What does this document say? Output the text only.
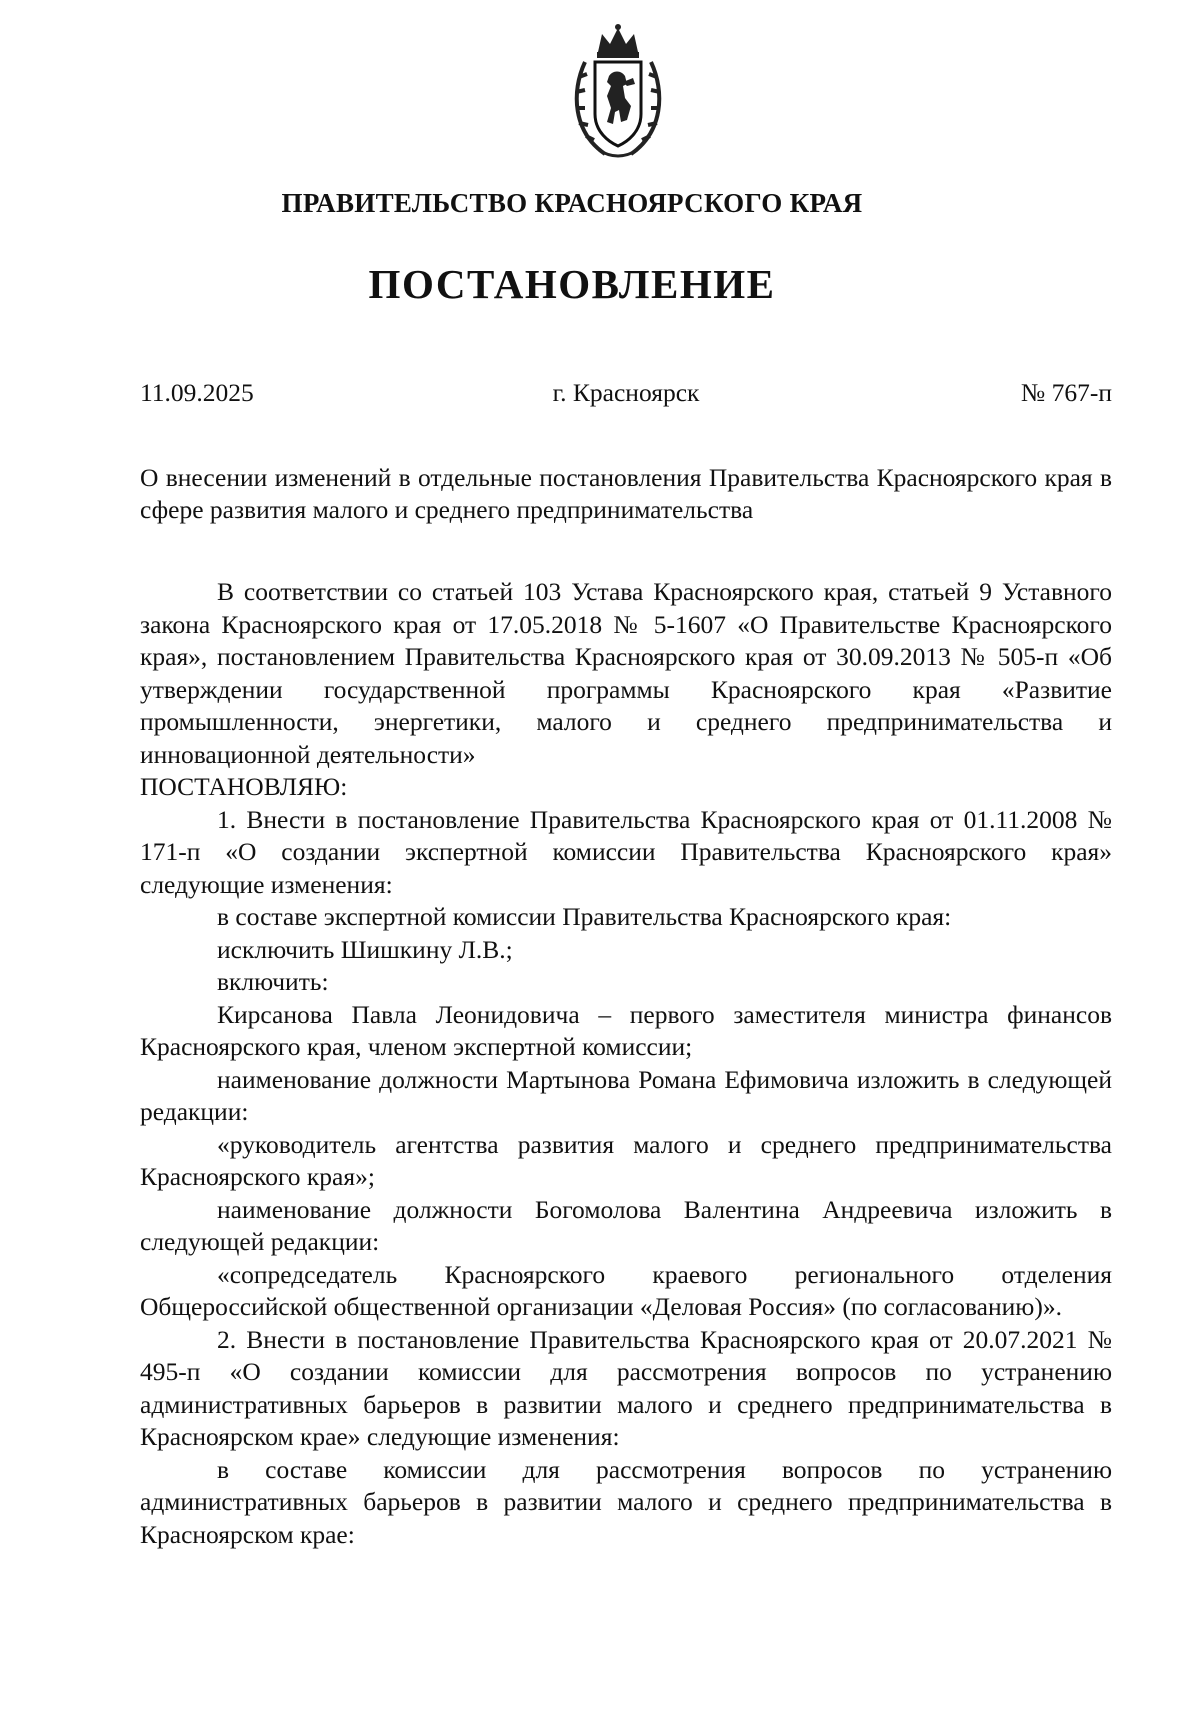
ПРАВИТЕЛЬСТВО КРАСНОЯРСКОГО КРАЯ
ПОСТАНОВЛЕНИЕ
11.09.2025	г. Красноярск	№ 767-п

О внесении изменений в отдельные постановления Правительства Красноярского края в сфере развития малого и среднего предпринимательства

В соответствии со статьей 103 Устава Красноярского края, статьей 9 Уставного закона Красноярского края от 17.05.2018 № 5-1607 «О Правительстве Красноярского края», постановлением Правительства Красноярского края от 30.09.2013 № 505-п «Об утверждении государственной программы Красноярского края «Развитие промышленности, энергетики, малого и среднего предпринимательства и инновационной деятельности»

ПОСТАНОВЛЯЮ:

1. Внести в постановление Правительства Красноярского края от 01.11.2008 № 171-п «О создании экспертной комиссии Правительства Красноярского края» следующие изменения:

в составе экспертной комиссии Правительства Красноярского края:

исключить Шишкину Л.В.;

включить:

Кирсанова Павла Леонидовича – первого заместителя министра финансов Красноярского края, членом экспертной комиссии;

наименование должности Мартынова Романа Ефимовича изложить в следующей редакции:

«руководитель агентства развития малого и среднего предпринимательства Красноярского края»;

наименование должности Богомолова Валентина Андреевича изложить в следующей редакции:

«сопредседатель Красноярского краевого регионального отделения Общероссийской общественной организации «Деловая Россия» (по согласованию)».

2. Внести в постановление Правительства Красноярского края от 20.07.2021 № 495-п «О создании комиссии для рассмотрения вопросов по устранению административных барьеров в развитии малого и среднего предпринимательства в Красноярском крае» следующие изменения:

в составе комиссии для рассмотрения вопросов по устранению административных барьеров в развитии малого и среднего предпринимательства в Красноярском крае:
